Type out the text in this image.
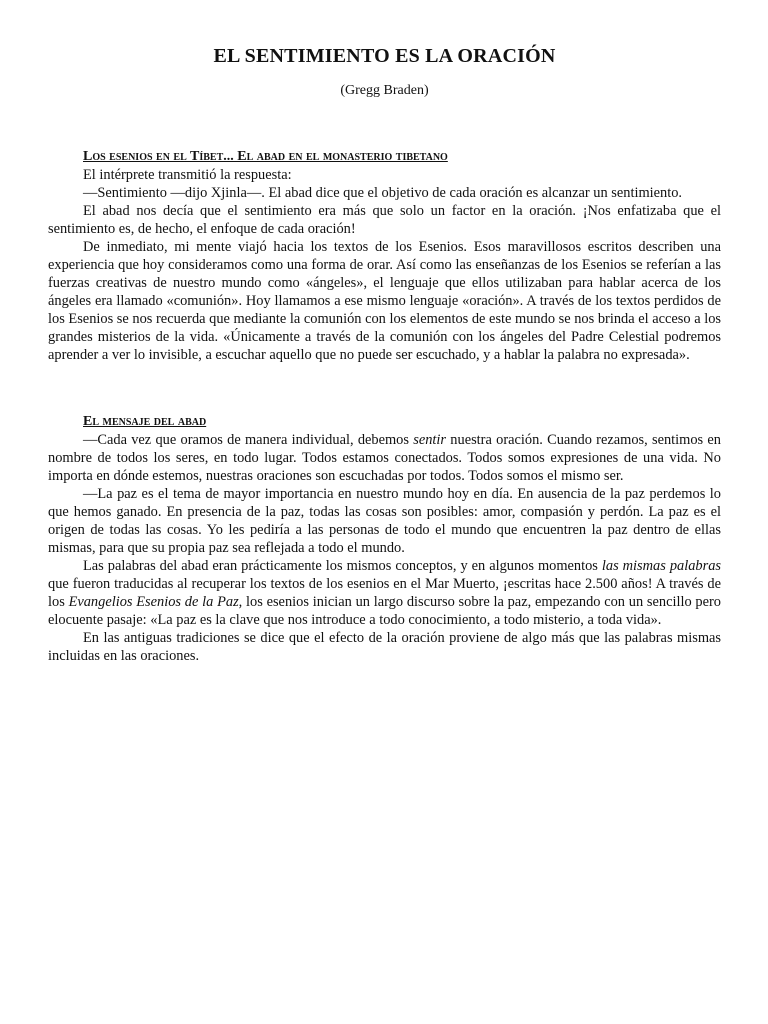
EL SENTIMIENTO ES LA ORACIÓN
(Gregg Braden)
Los esenios en el Tíbet... El abad en el monasterio tibetano

El intérprete transmitió la respuesta:

—Sentimiento —dijo Xjinla—. El abad dice que el objetivo de cada oración es alcanzar un sentimiento.

El abad nos decía que el sentimiento era más que solo un factor en la oración. ¡Nos enfatizaba que el sentimiento es, de hecho, el enfoque de cada oración!

De inmediato, mi mente viajó hacia los textos de los Esenios. Esos maravillosos escritos describen una experiencia que hoy consideramos como una forma de orar. Así como las enseñanzas de los Esenios se referían a las fuerzas creativas de nuestro mundo como «ángeles», el lenguaje que ellos utilizaban para hablar acerca de los ángeles era llamado «comunión». Hoy llamamos a ese mismo lenguaje «oración». A través de los textos perdidos de los Esenios se nos recuerda que mediante la comunión con los elementos de este mundo se nos brinda el acceso a los grandes misterios de la vida. «Únicamente a través de la comunión con los ángeles del Padre Celestial podremos aprender a ver lo invisible, a escuchar aquello que no puede ser escuchado, y a hablar la palabra no expresada».

El mensaje del abad

—Cada vez que oramos de manera individual, debemos sentir nuestra oración. Cuando rezamos, sentimos en nombre de todos los seres, en todo lugar. Todos estamos conectados. Todos somos expresiones de una vida. No importa en dónde estemos, nuestras oraciones son escuchadas por todos. Todos somos el mismo ser.

—La paz es el tema de mayor importancia en nuestro mundo hoy en día. En ausencia de la paz perdemos lo que hemos ganado. En presencia de la paz, todas las cosas son posibles: amor, compasión y perdón. La paz es el origen de todas las cosas. Yo les pediría a las personas de todo el mundo que encuentren la paz dentro de ellas mismas, para que su propia paz sea reflejada a todo el mundo.

Las palabras del abad eran prácticamente los mismos conceptos, y en algunos momentos las mismas palabras que fueron traducidas al recuperar los textos de los esenios en el Mar Muerto, ¡escritas hace 2.500 años! A través de los Evangelios Esenios de la Paz, los esenios inician un largo discurso sobre la paz, empezando con un sencillo pero elocuente pasaje: «La paz es la clave que nos introduce a todo conocimiento, a todo misterio, a toda vida».

En las antiguas tradiciones se dice que el efecto de la oración proviene de algo más que las palabras mismas incluidas en las oraciones.
